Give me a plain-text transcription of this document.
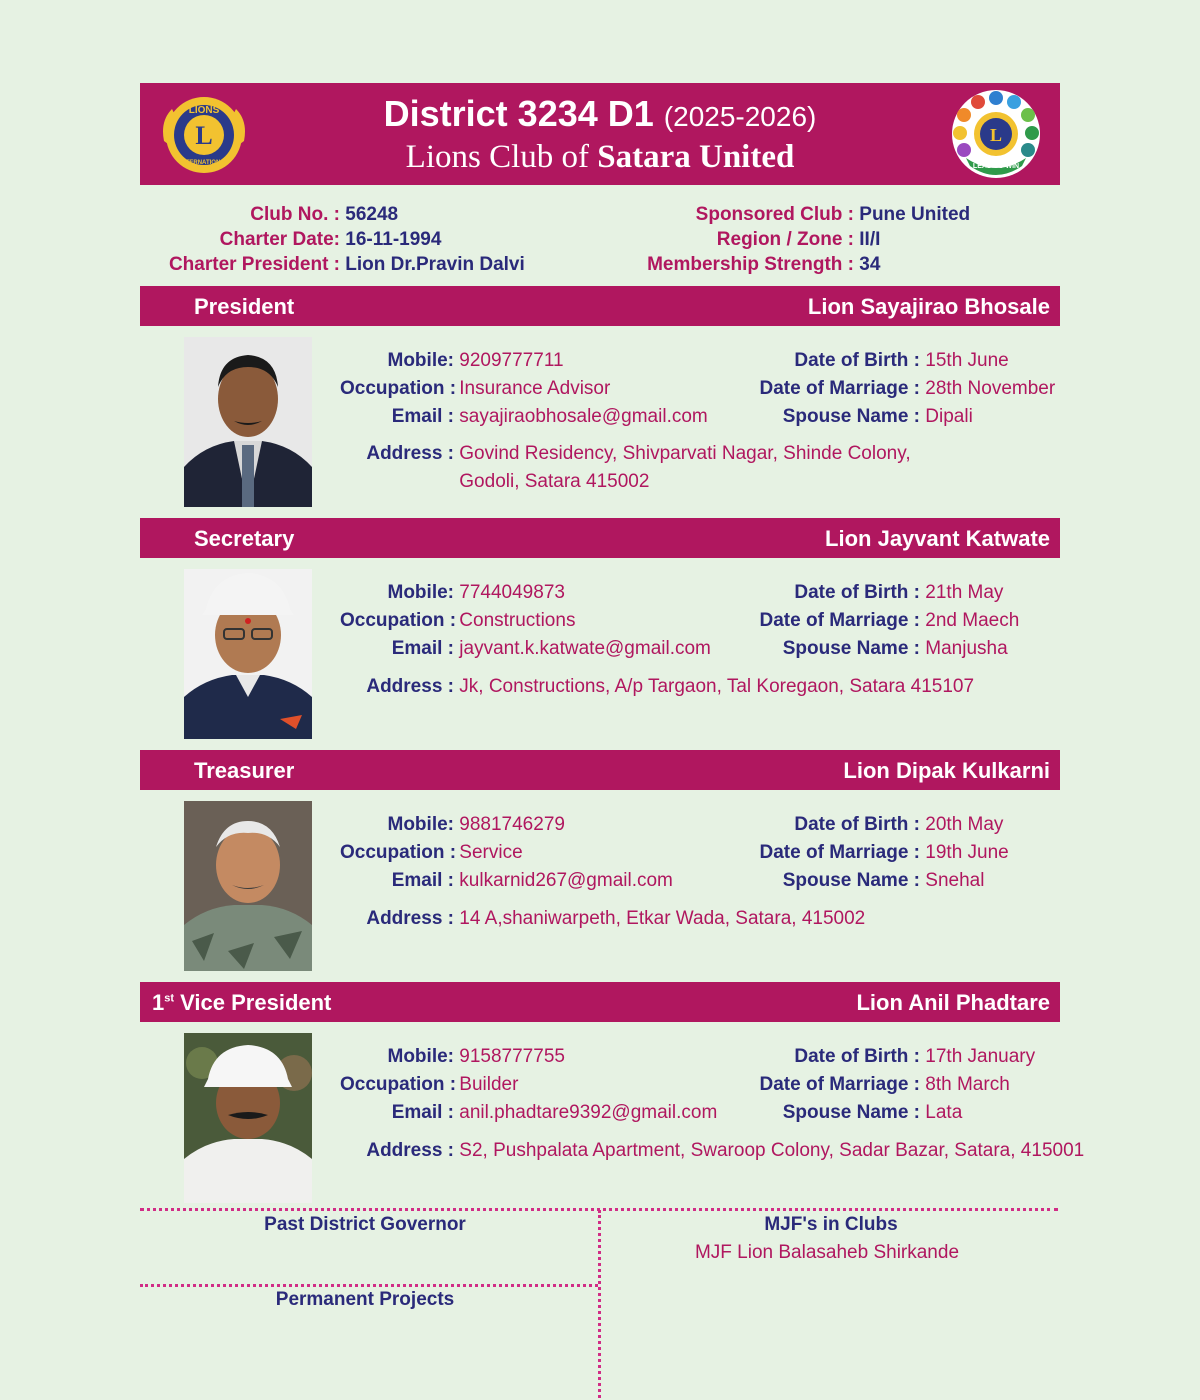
L
LIONS
INTERNATIONAL
District 3234 D1 (2025-2026)
Lions Club of Satara United
L
LEAD TO WIN
Club No. : 56248
Charter Date: 16-11-1994
Charter President : Lion Dr.Pravin Dalvi
Sponsored Club : Pune United
Region / Zone : II/I
Membership Strength : 34
President	Lion Sayajirao Bhosale
Mobile: 9209777711
Occupation : Insurance Advisor
Email : sayajiraobhosale@gmail.com
Date of Birth : 15th June
Date of Marriage : 28th November
Spouse Name : Dipali
Address : Govind Residency, Shivparvati Nagar, Shinde Colony,
Godoli, Satara 415002
Secretary	Lion Jayvant Katwate
Mobile: 7744049873
Occupation : Constructions
Email : jayvant.k.katwate@gmail.com
Date of Birth : 21th May
Date of Marriage : 2nd Maech
Spouse Name : Manjusha
Address : Jk, Constructions, A/p Targaon, Tal Koregaon, Satara 415107
Treasurer	Lion Dipak Kulkarni
Mobile: 9881746279
Occupation : Service
Email : kulkarnid267@gmail.com
Date of Birth : 20th May
Date of Marriage : 19th June
Spouse Name : Snehal
Address : 14 A,shaniwarpeth, Etkar Wada, Satara, 415002
1st Vice President	Lion Anil Phadtare
Mobile: 9158777755
Occupation : Builder
Email : anil.phadtare9392@gmail.com
Date of Birth : 17th January
Date of Marriage : 8th March
Spouse Name : Lata
Address : S2, Pushpalata Apartment, Swaroop Colony, Sadar Bazar, Satara, 415001
Past District Governor	MJF's in Clubs
MJF Lion Balasaheb Shirkande
Permanent Projects
